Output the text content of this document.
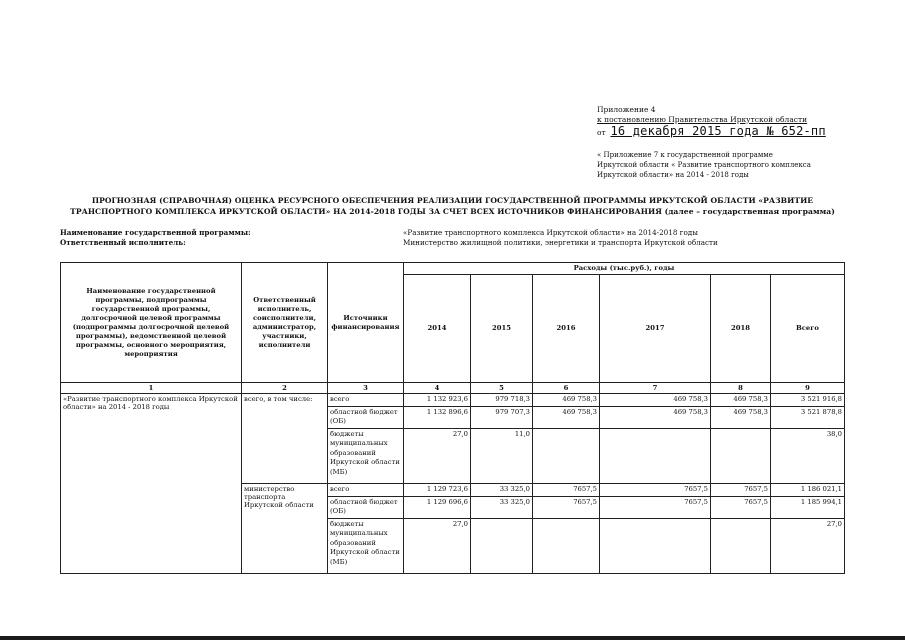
Приложение 4
к постановлению Правительства Иркутской области
от 16 декабря 2015 года № 652-пп
« Приложение 7 к государственной программе
Иркутской области « Развитие транспортного комплекса
Иркутской области» на 2014 - 2018 годы
ПРОГНОЗНАЯ (СПРАВОЧНАЯ) ОЦЕНКА РЕСУРСНОГО ОБЕСПЕЧЕНИЯ РЕАЛИЗАЦИИ ГОСУДАРСТВЕННОЙ ПРОГРАММЫ ИРКУТСКОЙ ОБЛАСТИ «РАЗВИТИЕ ТРАНСПОРТНОГО КОМПЛЕКСА ИРКУТСКОЙ ОБЛАСТИ» НА 2014-2018 ГОДЫ ЗА СЧЕТ ВСЕХ ИСТОЧНИКОВ ФИНАНСИРОВАНИЯ (далее – государственная программа)
Наименование государственной программы:	«Развитие транспортного комплекса Иркутской области» на 2014-2018 годы
Ответственный исполнитель:	Министерство жилищной политики, энергетики и транспорта Иркутской области
Наименование государственной программы, подпрограммы государственной программы, долгосрочной целевой программы (подпрограммы долгосрочной целевой программы), ведомственной целевой программы, основного мероприятия, мероприятия	Ответственный исполнитель, соисполнители, администратор, участники, исполнители	Источники финансирования	Расходы (тыс.руб.), годы					
			2014	2015	2016	2017	2018	Всего
1	2	3	4	5	6	7	8	9
«Развитие транспортного комплекса Иркутской области» на 2014 - 2018 годы	всего, в том числе:	всего	1 132 923,6	979 718,3	469 758,3	469 758,3	469 758,3	3 521 916,8
		областной бюджет (ОБ)	1 132 896,6	979 707,3	469 758,3	469 758,3	469 758,3	3 521 878,8
		бюджеты муниципальных образований Иркутской области (МБ)	27,0	11,0				38,0
	министерство транспорта Иркутской области	всего	1 129 723,6	33 325,0	7657,5	7657,5	7657,5	1 186 021,1
		областной бюджет (ОБ)	1 129 696,6	33 325,0	7657,5	7657,5	7657,5	1 185 994,1
		бюджеты муниципальных образований Иркутской области (МБ)	27,0					27,0
